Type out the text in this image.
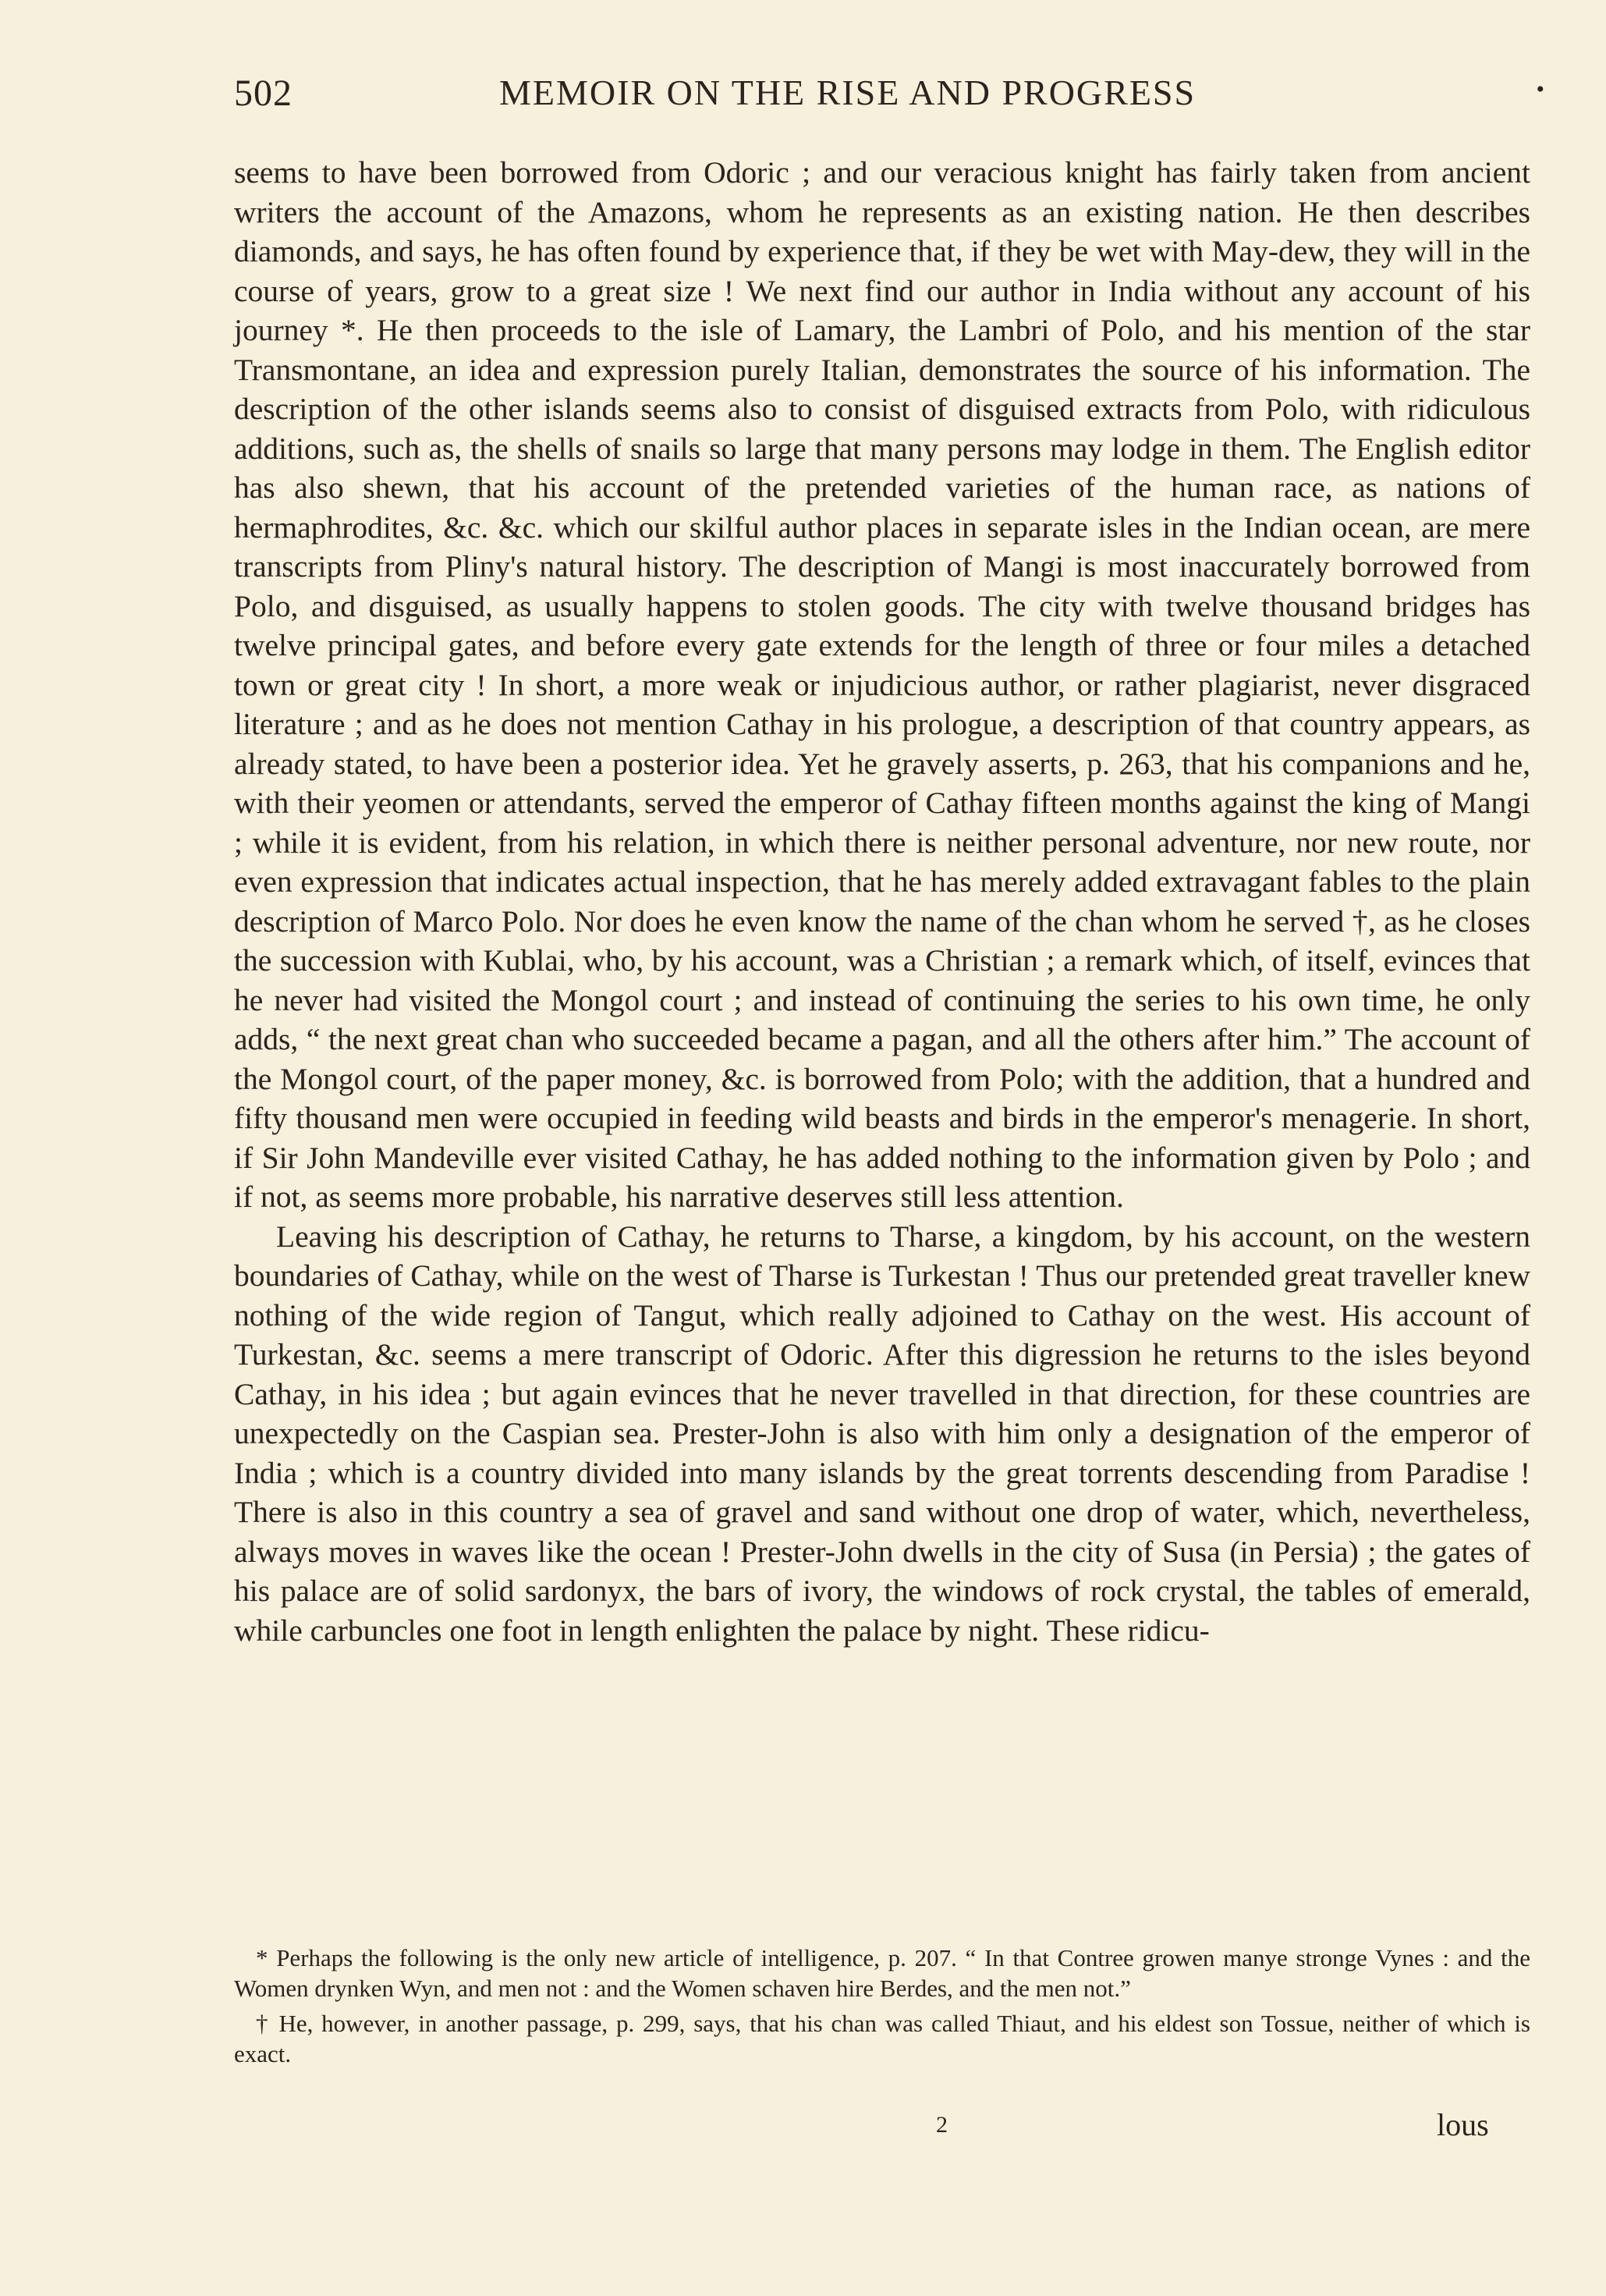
502	MEMOIR ON THE RISE AND PROGRESS	•

seems to have been borrowed from Odoric ; and our veracious knight has fairly taken from ancient writers the account of the Amazons, whom he represents as an existing nation. He then describes diamonds, and says, he has often found by experience that, if they be wet with May-dew, they will in the course of years, grow to a great size ! We next find our author in India without any account of his journey *. He then proceeds to the isle of Lamary, the Lambri of Polo, and his mention of the star Transmontane, an idea and expression purely Italian, demonstrates the source of his information. The description of the other islands seems also to consist of disguised extracts from Polo, with ridiculous additions, such as, the shells of snails so large that many persons may lodge in them. The English editor has also shewn, that his account of the pretended varieties of the human race, as nations of hermaphrodites, &c. &c. which our skilful author places in separate isles in the Indian ocean, are mere transcripts from Pliny's natural history. The description of Mangi is most inaccurately borrowed from Polo, and disguised, as usually happens to stolen goods. The city with twelve thousand bridges has twelve principal gates, and before every gate extends for the length of three or four miles a detached town or great city ! In short, a more weak or injudicious author, or rather plagiarist, never disgraced literature ; and as he does not mention Cathay in his prologue, a description of that country appears, as already stated, to have been a posterior idea. Yet he gravely asserts, p. 263, that his companions and he, with their yeomen or attendants, served the emperor of Cathay fifteen months against the king of Mangi ; while it is evident, from his relation, in which there is neither personal adventure, nor new route, nor even expression that indicates actual inspection, that he has merely added extravagant fables to the plain description of Marco Polo. Nor does he even know the name of the chan whom he served †, as he closes the succession with Kublai, who, by his account, was a Christian ; a remark which, of itself, evinces that he never had visited the Mongol court ; and instead of continuing the series to his own time, he only adds, “ the next great chan who succeeded became a pagan, and all the others after him.” The account of the Mongol court, of the paper money, &c. is borrowed from Polo; with the addition, that a hundred and fifty thousand men were occupied in feeding wild beasts and birds in the emperor's menagerie. In short, if Sir John Mandeville ever visited Cathay, he has added nothing to the information given by Polo ; and if not, as seems more probable, his narrative deserves still less attention.

Leaving his description of Cathay, he returns to Tharse, a kingdom, by his account, on the western boundaries of Cathay, while on the west of Tharse is Turkestan ! Thus our pretended great traveller knew nothing of the wide region of Tangut, which really adjoined to Cathay on the west. His account of Turkestan, &c. seems a mere transcript of Odoric. After this digression he returns to the isles beyond Cathay, in his idea ; but again evinces that he never travelled in that direction, for these countries are unexpectedly on the Caspian sea. Prester-John is also with him only a designation of the emperor of India ; which is a country divided into many islands by the great torrents descending from Paradise ! There is also in this country a sea of gravel and sand without one drop of water, which, nevertheless, always moves in waves like the ocean ! Prester-John dwells in the city of Susa (in Persia) ; the gates of his palace are of solid sardonyx, the bars of ivory, the windows of rock crystal, the tables of emerald, while carbuncles one foot in length enlighten the palace by night. These ridicu-

* Perhaps the following is the only new article of intelligence, p. 207. “ In that Contree growen manye stronge Vynes : and the Women drynken Wyn, and men not : and the Women schaven hire Berdes, and the men not.”

† He, however, in another passage, p. 299, says, that his chan was called Thiaut, and his eldest son Tossue, neither of which is exact.

2	lous
